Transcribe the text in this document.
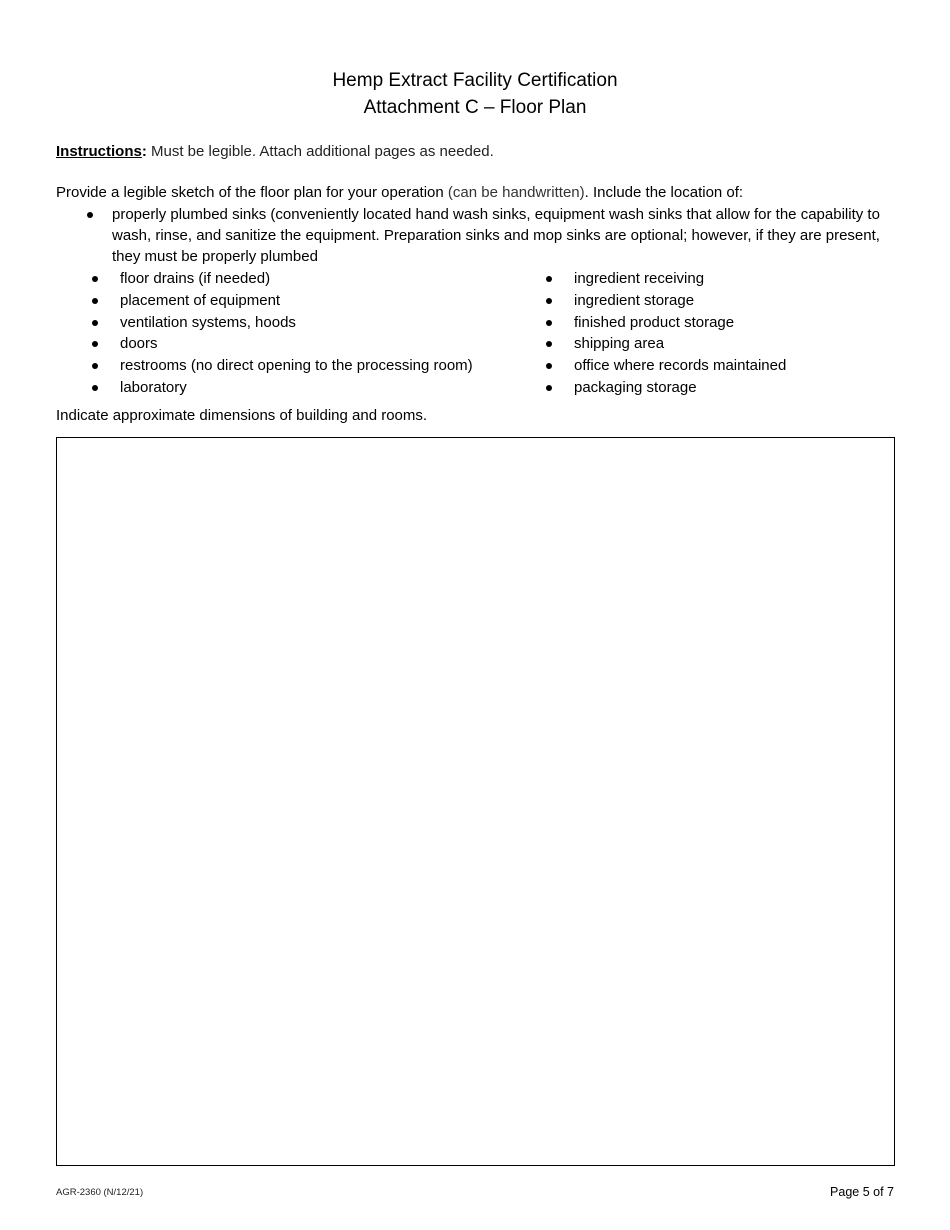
Hemp Extract Facility Certification
Attachment C – Floor Plan
Instructions: Must be legible. Attach additional pages as needed.
Provide a legible sketch of the floor plan for your operation (can be handwritten). Include the location of:
properly plumbed sinks (conveniently located hand wash sinks, equipment wash sinks that allow for the capability to wash, rinse, and sanitize the equipment. Preparation sinks and mop sinks are optional; however, if they are present, they must be properly plumbed
floor drains (if needed)
placement of equipment
ventilation systems, hoods
doors
restrooms (no direct opening to the processing room)
laboratory
ingredient receiving
ingredient storage
finished product storage
shipping area
office where records maintained
packaging storage
Indicate approximate dimensions of building and rooms.
AGR-2360 (N/12/21)	Page 5 of 7
